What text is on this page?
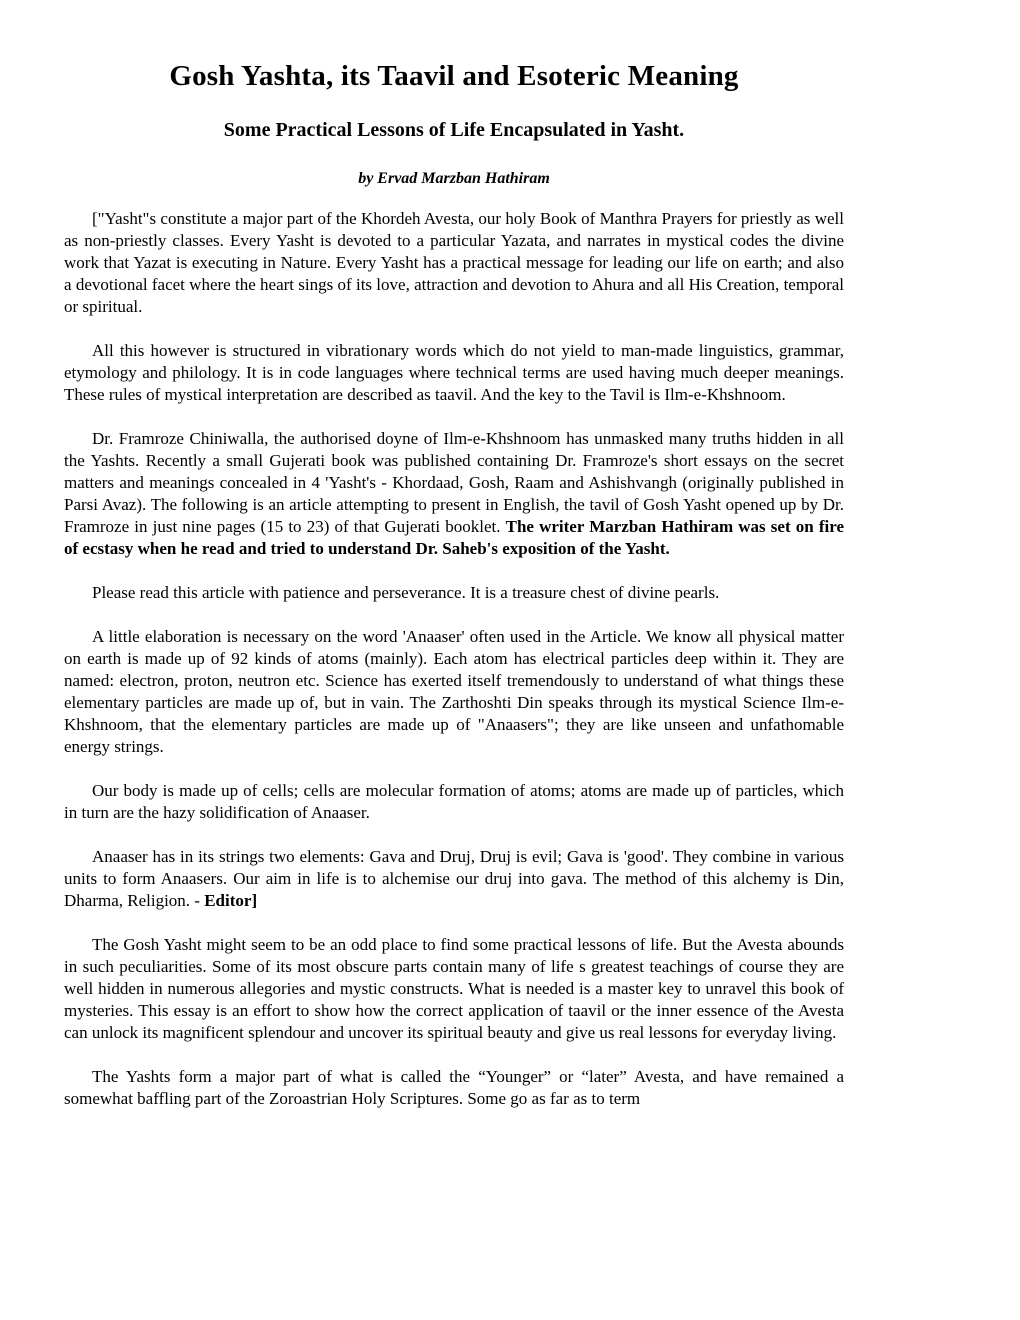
Gosh Yashta, its Taavil and Esoteric Meaning
Some Practical Lessons of Life Encapsulated in Yasht.

by Ervad Marzban Hathiram

["Yasht"s constitute a major part of the Khordeh Avesta, our holy Book of Manthra Prayers for priestly as well as non-priestly classes. Every Yasht is devoted to a particular Yazata, and narrates in mystical codes the divine work that Yazat is executing in Nature. Every Yasht has a practical message for leading our life on earth; and also a devotional facet where the heart sings of its love, attraction and devotion to Ahura and all His Creation, temporal or spiritual.

All this however is structured in vibrationary words which do not yield to man-made linguistics, grammar, etymology and philology. It is in code languages where technical terms are used having much deeper meanings. These rules of mystical interpretation are described as taavil. And the key to the Tavil is Ilm-e-Khshnoom.

Dr. Framroze Chiniwalla, the authorised doyne of Ilm-e-Khshnoom has unmasked many truths hidden in all the Yashts. Recently a small Gujerati book was published containing Dr. Framroze's short essays on the secret matters and meanings concealed in 4 'Yasht's - Khordaad, Gosh, Raam and Ashishvangh (originally published in Parsi Avaz). The following is an article attempting to present in English, the tavil of Gosh Yasht opened up by Dr. Framroze in just nine pages (15 to 23) of that Gujerati booklet. The writer Marzban Hathiram was set on fire of ecstasy when he read and tried to understand Dr. Saheb's exposition of the Yasht.

Please read this article with patience and perseverance. It is a treasure chest of divine pearls.

A little elaboration is necessary on the word 'Anaaser' often used in the Article. We know all physical matter on earth is made up of 92 kinds of atoms (mainly). Each atom has electrical particles deep within it. They are named: electron, proton, neutron etc. Science has exerted itself tremendously to understand of what things these elementary particles are made up of, but in vain. The Zarthoshti Din speaks through its mystical Science Ilm-e-Khshnoom, that the elementary particles are made up of "Anaasers"; they are like unseen and unfathomable energy strings.

Our body is made up of cells; cells are molecular formation of atoms; atoms are made up of particles, which in turn are the hazy solidification of Anaaser.

Anaaser has in its strings two elements: Gava and Druj, Druj is evil; Gava is 'good'. They combine in various units to form Anaasers. Our aim in life is to alchemise our druj into gava. The method of this alchemy is Din, Dharma, Religion. - Editor]

The Gosh Yasht might seem to be an odd place to find some practical lessons of life. But the Avesta abounds in such peculiarities. Some of its most obscure parts contain many of life s greatest teachings of course they are well hidden in numerous allegories and mystic constructs. What is needed is a master key to unravel this book of mysteries. This essay is an effort to show how the correct application of taavil or the inner essence of the Avesta can unlock its magnificent splendour and uncover its spiritual beauty and give us real lessons for everyday living.

The Yashts form a major part of what is called the “Younger” or “later” Avesta, and have remained a somewhat baffling part of the Zoroastrian Holy Scriptures. Some go as far as to term
